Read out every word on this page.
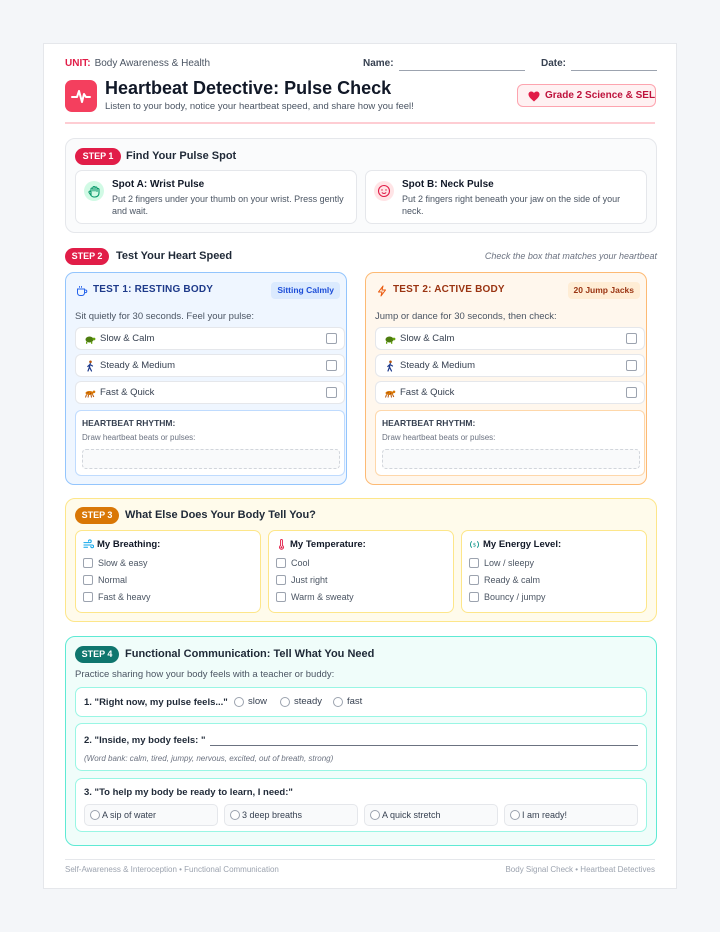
UNIT: Body Awareness & Health	Name:	Date:
Heartbeat Detective: Pulse Check
Listen to your body, notice your heartbeat speed, and share how you feel!
Grade 2 Science & SEL
STEP 1	Find Your Pulse Spot
Spot A: Wrist Pulse
Put 2 fingers under your thumb on your wrist. Press gently and wait.
Spot B: Neck Pulse
Put 2 fingers right beneath your jaw on the side of your neck.
STEP 2	Test Your Heart Speed	Check the box that matches your heartbeat
TEST 1: RESTING BODY	Sitting Calmly
Sit quietly for 30 seconds. Feel your pulse:
Slow & Calm
Steady & Medium
Fast & Quick
HEARTBEAT RHYTHM:
Draw heartbeat beats or pulses:
TEST 2: ACTIVE BODY	20 Jump Jacks
Jump or dance for 30 seconds, then check:
Slow & Calm
Steady & Medium
Fast & Quick
HEARTBEAT RHYTHM:
Draw heartbeat beats or pulses:
STEP 3	What Else Does Your Body Tell You?
My Breathing:
Slow & easy
Normal
Fast & heavy
My Temperature:
Cool
Just right
Warm & sweaty
$ My Energy Level:
Low / sleepy
Ready & calm
Bouncy / jumpy
STEP 4	Functional Communication: Tell What You Need
Practice sharing how your body feels with a teacher or buddy:
1. "Right now, my pulse feels..." slow	steady	fast
2. "Inside, my body feels: "
(Word bank: calm, tired, jumpy, nervous, excited, out of breath, strong)
3. "To help my body be ready to learn, I need:"
A sip of water	3 deep breaths	A quick stretch	I am ready!
Self-Awareness & Interoception • Functional Communication	Body Signal Check • Heartbeat Detectives
